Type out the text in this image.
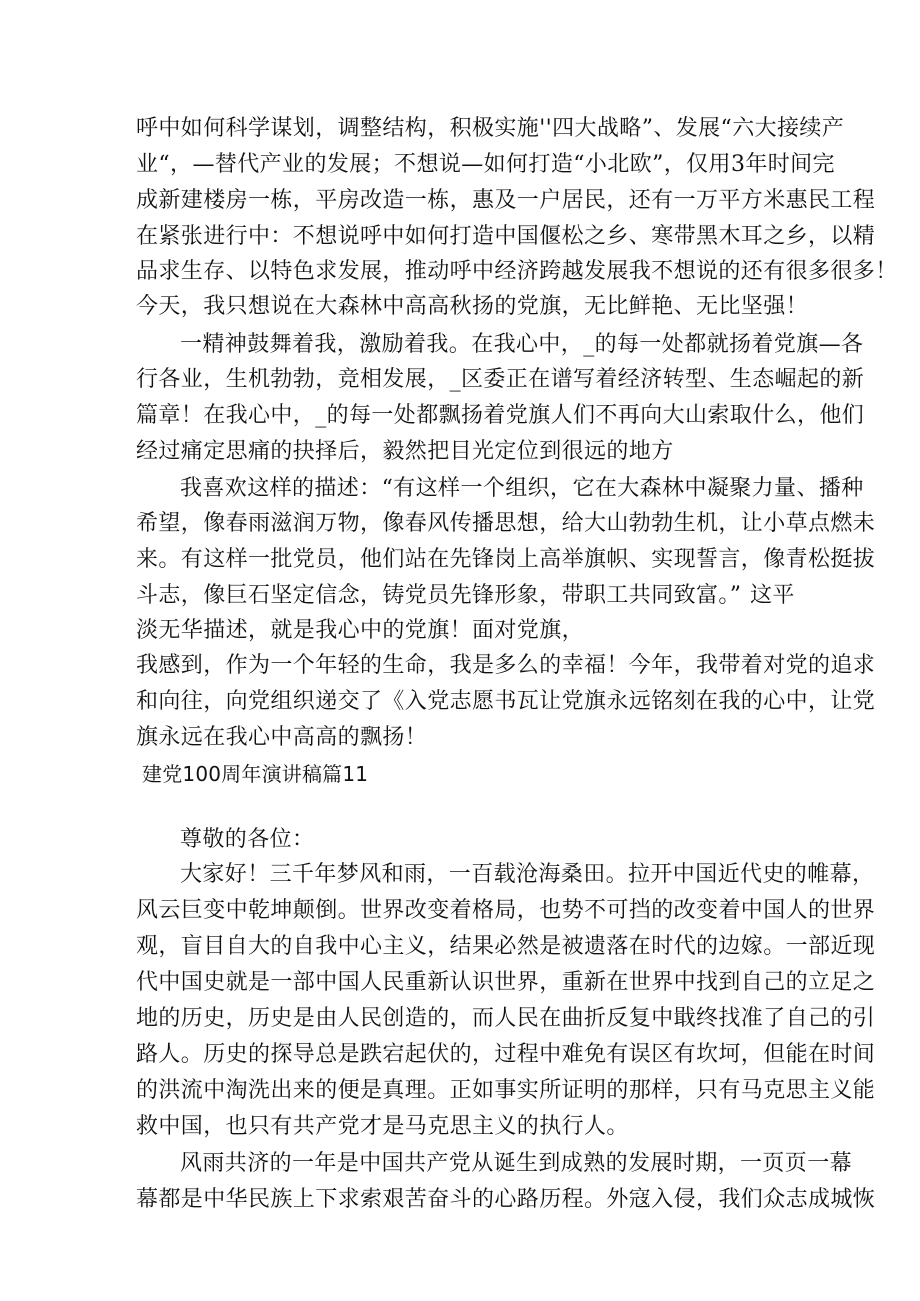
呼中如何科学谋划，调整结构，积极实施''四大战略”、发展“六大接续产
业“，—替代产业的发展；不想说—如何打造“小北欧”，仅用3年时间完
成新建楼房一栋，平房改造一栋，惠及一户居民，还有一万平方米惠民工程
在紧张进行中：不想说呼中如何打造中国偃松之乡、寒带黑木耳之乡，以精
品求生存、以特色求发展，推动呼中经济跨越发展我不想说的还有很多很多！
今天，我只想说在大森林中高高秋扬的党旗，无比鲜艳、无比坚强！
一精神鼓舞着我，激励着我。在我心中，_的每一处都就扬着党旗—各
行各业，生机勃勃，竞相发展，_区委正在谱写着经济转型、生态崛起的新
篇章！在我心中，_的每一处都飘扬着党旗人们不再向大山索取什么，他们
经过痛定思痛的抉择后，毅然把目光定位到很远的地方
我喜欢这样的描述：“有这样一个组织，它在大森林中凝聚力量、播种
希望，像春雨滋润万物，像春风传播思想，给大山勃勃生机，让小草点燃未
来。有这样一批党员，他们站在先锋岗上高举旗帜、实现誓言，像青松挺拔
斗志，像巨石坚定信念，铸党员先锋形象，带职工共同致富。” 这平
淡无华描述，就是我心中的党旗！面对党旗，
我感到，作为一个年轻的生命，我是多么的幸福！今年，我带着对党的追求
和向往，向党组织递交了《入党志愿书瓦让党旗永远铭刻在我的心中，让党
旗永远在我心中高高的飘扬！
建党100周年演讲稿篇11
尊敬的各位：
大家好！三千年梦风和雨，一百载沧海桑田。拉开中国近代史的帷幕，
风云巨变中乾坤颠倒。世界改变着格局，也势不可挡的改变着中国人的世界
观，盲目自大的自我中心主义，结果必然是被遗落在时代的边嫁。一部近现
代中国史就是一部中国人民重新认识世界，重新在世界中找到自己的立足之
地的历史，历史是由人民创造的，而人民在曲折反复中戢终找准了自己的引
路人。历史的探导总是跌宕起伏的，过程中难免有误区有坎坷，但能在时间
的洪流中淘洗出来的便是真理。正如事实所证明的那样，只有马克思主义能
救中国，也只有共产党才是马克思主义的执行人。
风雨共济的一年是中国共产党从诞生到成熟的发展时期，一页页一幕
幕都是中华民族上下求索艰苦奋斗的心路历程。外寇入侵，我们众志成城恢
